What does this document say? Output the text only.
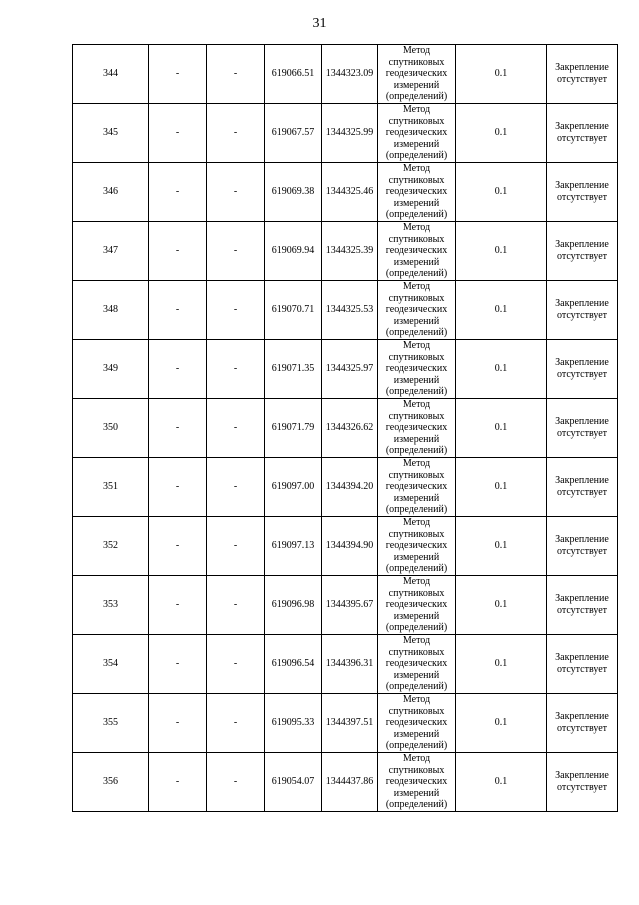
31
344	-	-	619066.51	1344323.09	Метод
спутниковых
геодезических
измерений
(определений)	0.1	Закрепление
отсутствует

345	-	-	619067.57	1344325.99	Метод
спутниковых
геодезических
измерений
(определений)	0.1	Закрепление
отсутствует

346	-	-	619069.38	1344325.46	Метод
спутниковых
геодезических
измерений
(определений)	0.1	Закрепление
отсутствует

347	-	-	619069.94	1344325.39	Метод
спутниковых
геодезических
измерений
(определений)	0.1	Закрепление
отсутствует

348	-	-	619070.71	1344325.53	Метод
спутниковых
геодезических
измерений
(определений)	0.1	Закрепление
отсутствует

349	-	-	619071.35	1344325.97	Метод
спутниковых
геодезических
измерений
(определений)	0.1	Закрепление
отсутствует

350	-	-	619071.79	1344326.62	Метод
спутниковых
геодезических
измерений
(определений)	0.1	Закрепление
отсутствует

351	-	-	619097.00	1344394.20	Метод
спутниковых
геодезических
измерений
(определений)	0.1	Закрепление
отсутствует

352	-	-	619097.13	1344394.90	Метод
спутниковых
геодезических
измерений
(определений)	0.1	Закрепление
отсутствует

353	-	-	619096.98	1344395.67	Метод
спутниковых
геодезических
измерений
(определений)	0.1	Закрепление
отсутствует

354	-	-	619096.54	1344396.31	Метод
спутниковых
геодезических
измерений
(определений)	0.1	Закрепление
отсутствует

355	-	-	619095.33	1344397.51	Метод
спутниковых
геодезических
измерений
(определений)	0.1	Закрепление
отсутствует

356	-	-	619054.07	1344437.86	Метод
спутниковых
геодезических
измерений
(определений)	0.1	Закрепление
отсутствует
